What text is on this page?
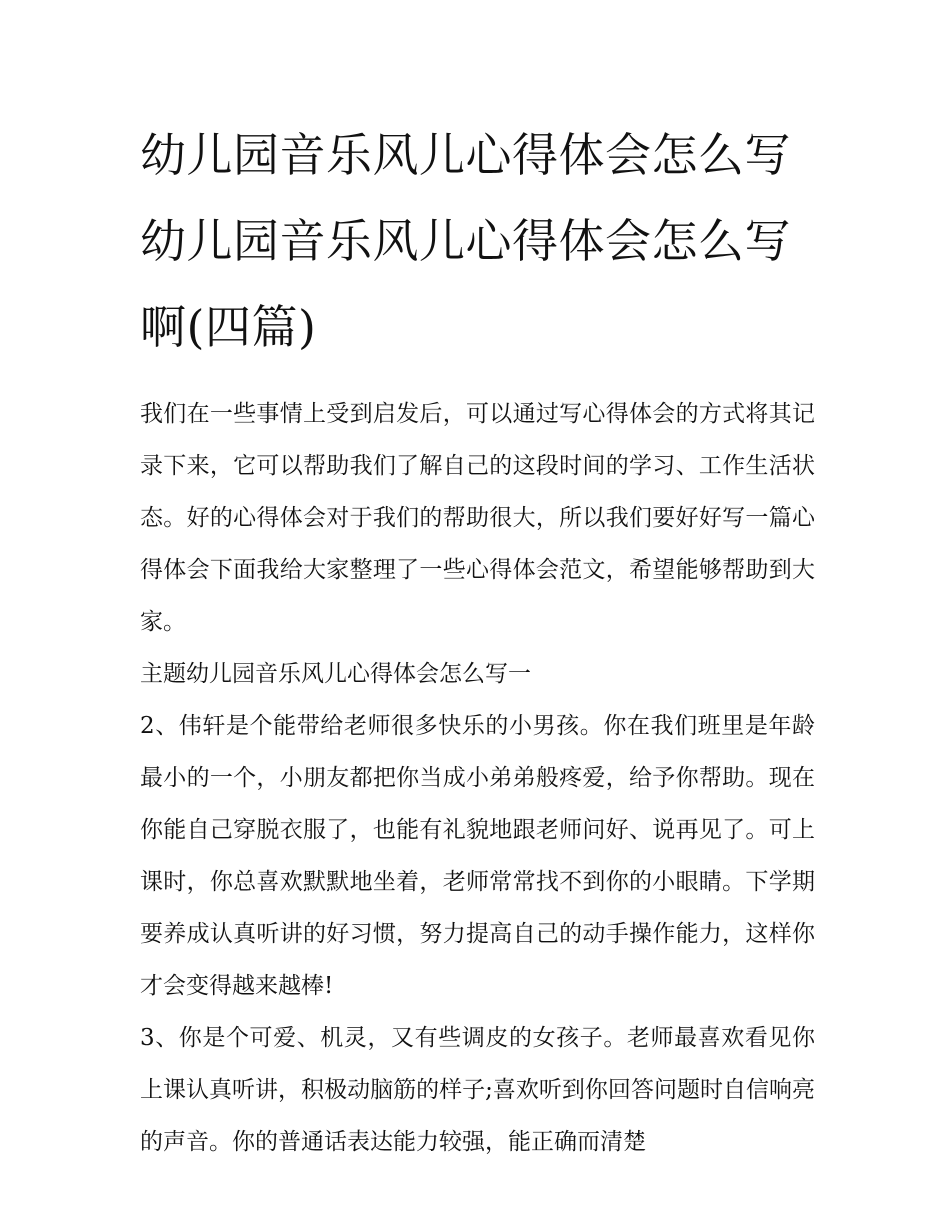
幼儿园音乐风儿心得体会怎么写 幼儿园音乐风儿心得体会怎么写啊(四篇)

我们在一些事情上受到启发后，可以通过写心得体会的方式将其记录下来，它可以帮助我们了解自己的这段时间的学习、工作生活状态。好的心得体会对于我们的帮助很大，所以我们要好好写一篇心得体会下面我给大家整理了一些心得体会范文，希望能够帮助到大家。

主题幼儿园音乐风儿心得体会怎么写一

2、伟轩是个能带给老师很多快乐的小男孩。你在我们班里是年龄最小的一个，小朋友都把你当成小弟弟般疼爱，给予你帮助。现在你能自己穿脱衣服了，也能有礼貌地跟老师问好、说再见了。可上课时，你总喜欢默默地坐着，老师常常找不到你的小眼睛。下学期要养成认真听讲的好习惯，努力提高自己的动手操作能力，这样你才会变得越来越棒!

3、你是个可爱、机灵，又有些调皮的女孩子。老师最喜欢看见你上课认真听讲，积极动脑筋的样子;喜欢听到你回答问题时自信响亮的声音。你的普通话表达能力较强，能正确而清楚
